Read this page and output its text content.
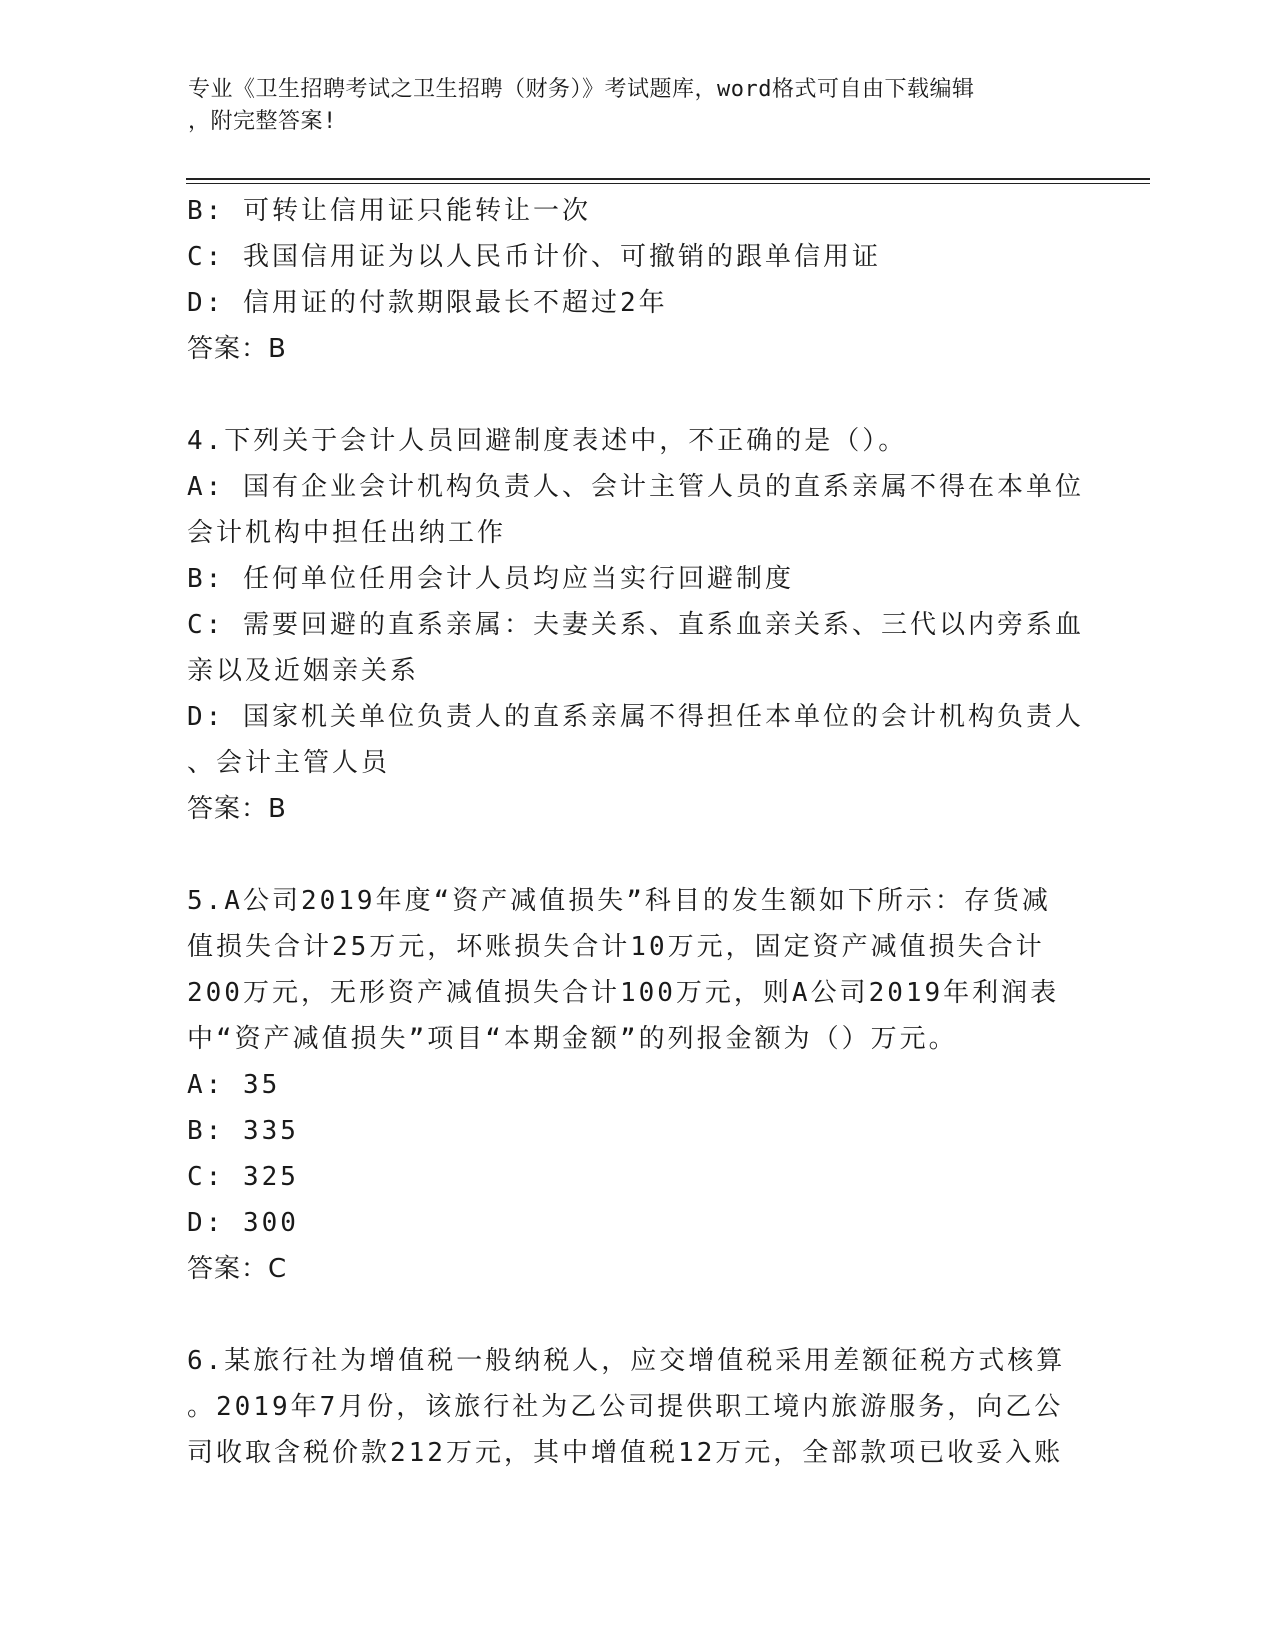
专业《卫生招聘考试之卫生招聘（财务）》考试题库，word格式可自由下载编辑
，附完整答案!
B: 可转让信用证只能转让一次
C: 我国信用证为以人民币计价、可撤销的跟单信用证
D: 信用证的付款期限最长不超过2年
答案：B
4.下列关于会计人员回避制度表述中，不正确的是（）。
A: 国有企业会计机构负责人、会计主管人员的直系亲属不得在本单位
会计机构中担任出纳工作
B: 任何单位任用会计人员均应当实行回避制度
C: 需要回避的直系亲属：夫妻关系、直系血亲关系、三代以内旁系血
亲以及近姻亲关系
D: 国家机关单位负责人的直系亲属不得担任本单位的会计机构负责人
、会计主管人员
答案：B
5.A公司2019年度“资产减值损失”科目的发生额如下所示：存货减
值损失合计25万元，坏账损失合计10万元，固定资产减值损失合计
200万元，无形资产减值损失合计100万元，则A公司2019年利润表
中“资产减值损失”项目“本期金额”的列报金额为（）万元。
A: 35
B: 335
C: 325
D: 300
答案：C
6.某旅行社为增值税一般纳税人，应交增值税采用差额征税方式核算
。2019年7月份，该旅行社为乙公司提供职工境内旅游服务，向乙公
司收取含税价款212万元，其中增值税12万元，全部款项已收妥入账
